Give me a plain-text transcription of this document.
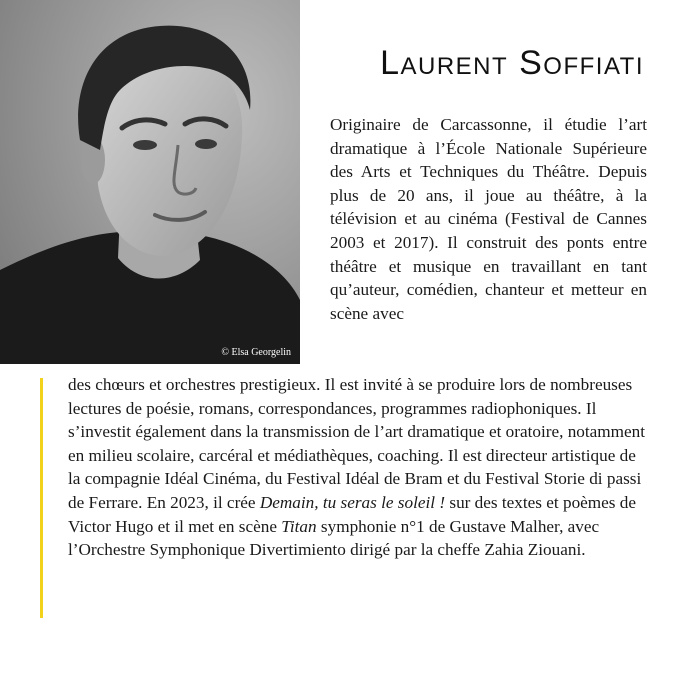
© Elsa Georgelin
Laurent Soffiati

Originaire de Carcassonne, il étudie l’art dramatique à l’École Nationale Supérieure des Arts et Techniques du Théâtre. Depuis plus de 20 ans, il joue au théâtre, à la télévision et au cinéma (Festival de Cannes 2003 et 2017). Il construit des ponts entre théâtre et musique en travaillant en tant qu’auteur, comédien, chanteur et metteur en scène avec

des chœurs et orchestres prestigieux. Il est invité à se produire lors de nombreuses lectures de poésie, romans, correspondances, programmes radiophoniques. Il s’investit également dans la transmission de l’art dramatique et oratoire, notamment en milieu scolaire, carcéral et médiathèques, coaching. Il est directeur artistique de la compagnie Idéal Cinéma, du Festival Idéal de Bram et du Festival Storie di passi de Ferrare. En 2023, il crée Demain, tu seras le soleil ! sur des textes et poèmes de Victor Hugo et il met en scène Titan symphonie n°1 de Gustave Malher, avec l’Orchestre Symphonique Divertimiento dirigé par la cheffe Zahia Ziouani.
